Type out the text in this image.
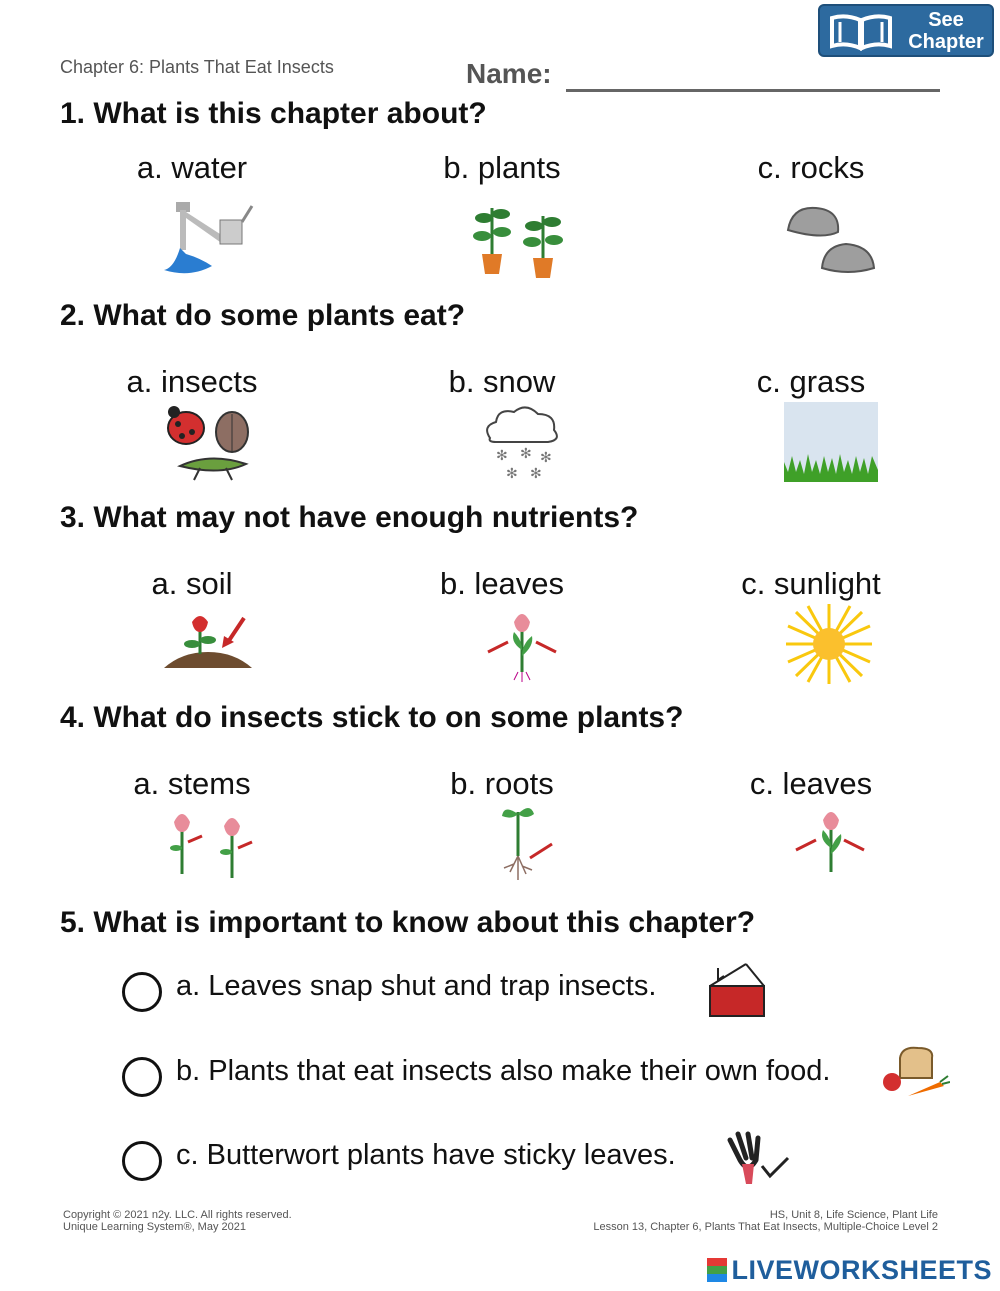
Chapter 6: Plants That Eat Insects	Name:
See
Chapter
1. What is this chapter about?
a. water	b. plants	c. rocks
2. What do some plants eat?
a. insects	b. snow	c. grass
✻ ✻ ✻
✻ ✻
3. What may not have enough nutrients?
a. soil	b. leaves	c. sunlight
4. What do insects stick to on some plants?
a. stems	b. roots	c. leaves
5. What is important to know about this chapter?
a. Leaves snap shut and trap insects.
b. Plants that eat insects also make their own food.
c. Butterwort plants have sticky leaves.
Copyright © 2021 n2y. LLC. All rights reserved.
Unique Learning System®, May 2021
HS, Unit 8, Life Science, Plant Life
Lesson 13, Chapter 6, Plants That Eat Insects, Multiple-Choice Level 2
LIVEWORKSHEETS
